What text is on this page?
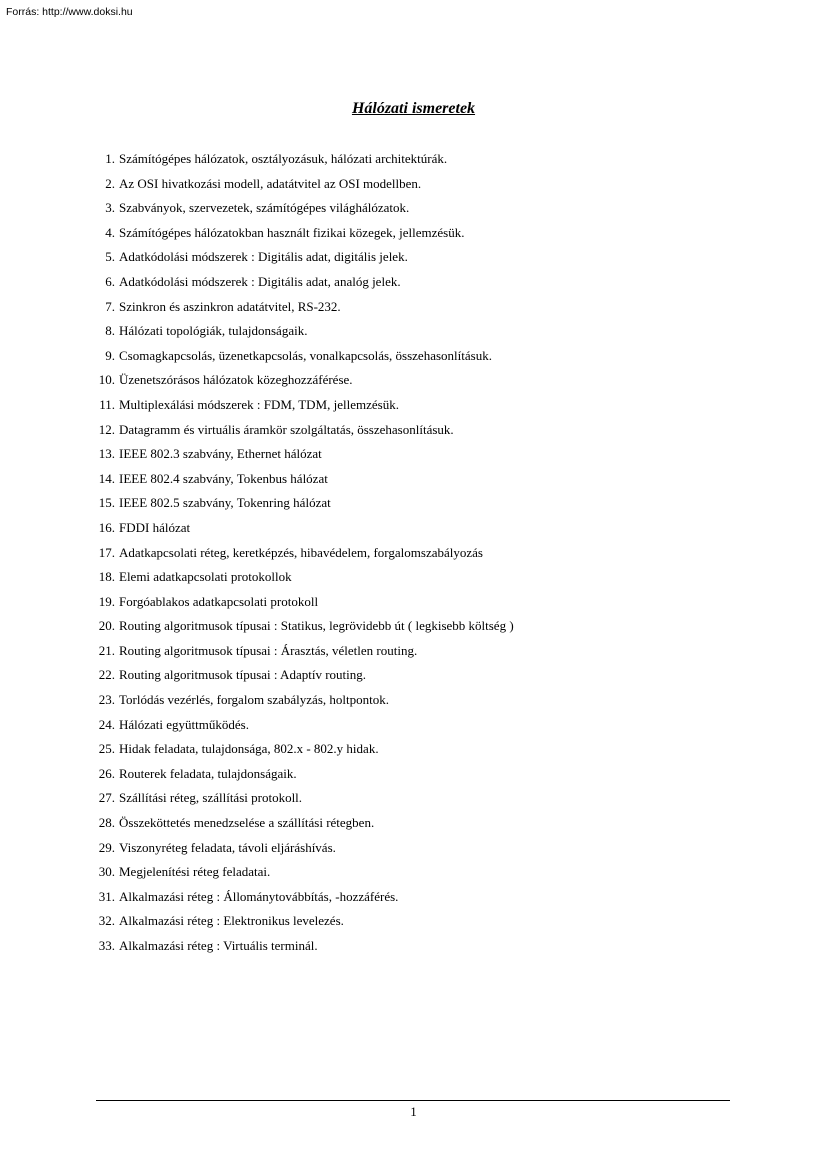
Forrás: http://www.doksi.hu
Hálózati ismeretek
1. Számítógépes hálózatok, osztályozásuk, hálózati architektúrák.
2. Az OSI hivatkozási modell, adatátvitel az OSI modellben.
3. Szabványok, szervezetek, számítógépes világhálózatok.
4. Számítógépes hálózatokban használt fizikai közegek, jellemzésük.
5. Adatkódolási módszerek : Digitális adat, digitális jelek.
6. Adatkódolási módszerek : Digitális adat, analóg jelek.
7. Szinkron és aszinkron adatátvitel, RS-232.
8. Hálózati topológiák, tulajdonságaik.
9. Csomagkapcsolás, üzenetkapcsolás, vonalkapcsolás, összehasonlításuk.
10. Üzenetszórásos hálózatok közeghozzáférése.
11. Multiplexálási módszerek : FDM, TDM, jellemzésük.
12. Datagramm és virtuális áramkör szolgáltatás, összehasonlításuk.
13. IEEE 802.3 szabvány, Ethernet hálózat
14. IEEE 802.4 szabvány, Tokenbus hálózat
15. IEEE 802.5 szabvány, Tokenring hálózat
16. FDDI hálózat
17. Adatkapcsolati réteg, keretképzés, hibavédelem, forgalomszabályozás
18. Elemi adatkapcsolati protokollok
19. Forgóablakos adatkapcsolati protokoll
20. Routing algoritmusok típusai : Statikus, legrövidebb út ( legkisebb költség )
21. Routing algoritmusok típusai : Árasztás, véletlen routing.
22. Routing algoritmusok típusai : Adaptív routing.
23. Torlódás vezérlés, forgalom szabályzás, holtpontok.
24. Hálózati együttműködés.
25. Hidak feladata, tulajdonsága, 802.x - 802.y hidak.
26. Routerek feladata, tulajdonságaik.
27. Szállítási réteg, szállítási protokoll.
28. Összeköttetés menedzselése a szállítási rétegben.
29. Viszonyréteg feladata, távoli eljáráshívás.
30. Megjelenítési réteg feladatai.
31. Alkalmazási réteg : Állománytovábbítás, -hozzáférés.
32. Alkalmazási réteg : Elektronikus levelezés.
33. Alkalmazási réteg : Virtuális terminál.
1
